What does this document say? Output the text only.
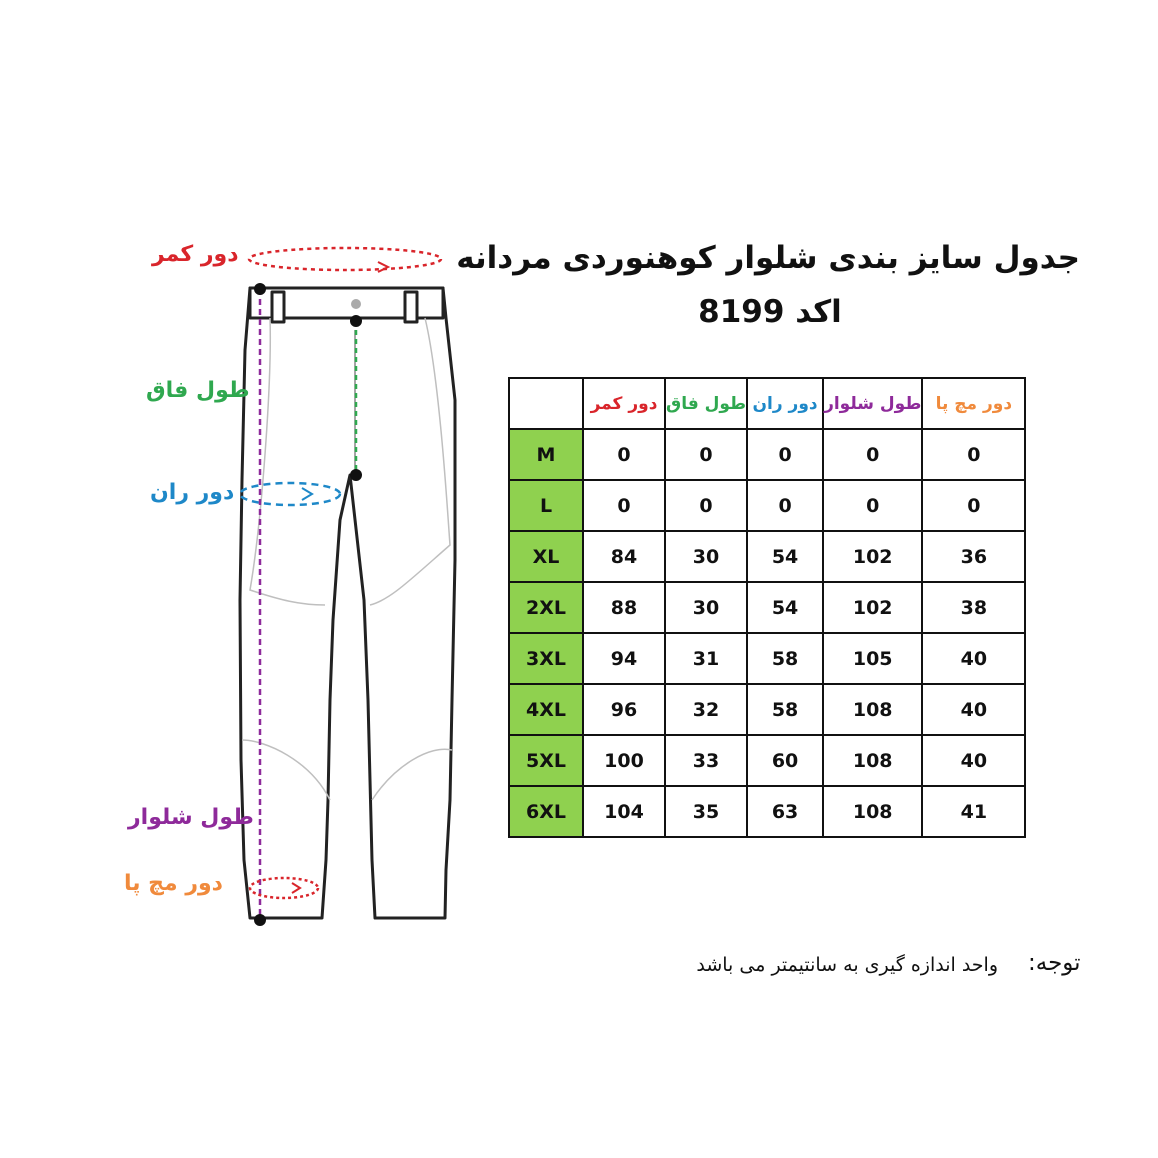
دور کمر
طول فاق
دور ران
طول شلوار
دور مچ پا
جدول سایز بندی شلوار کوهنوردی مردانه
اکد 8199
	دور کمر	طول فاق	دور ران	طول شلوار	دور مچ پا
M	0	0	0	0	0
L	0	0	0	0	0
XL	84	30	54	102	36
2XL	88	30	54	102	38
3XL	94	31	58	105	40
4XL	96	32	58	108	40
5XL	100	33	60	108	40
6XL	104	35	63	108	41
توجه:
واحد اندازه گیری به سانتیمتر می باشد
